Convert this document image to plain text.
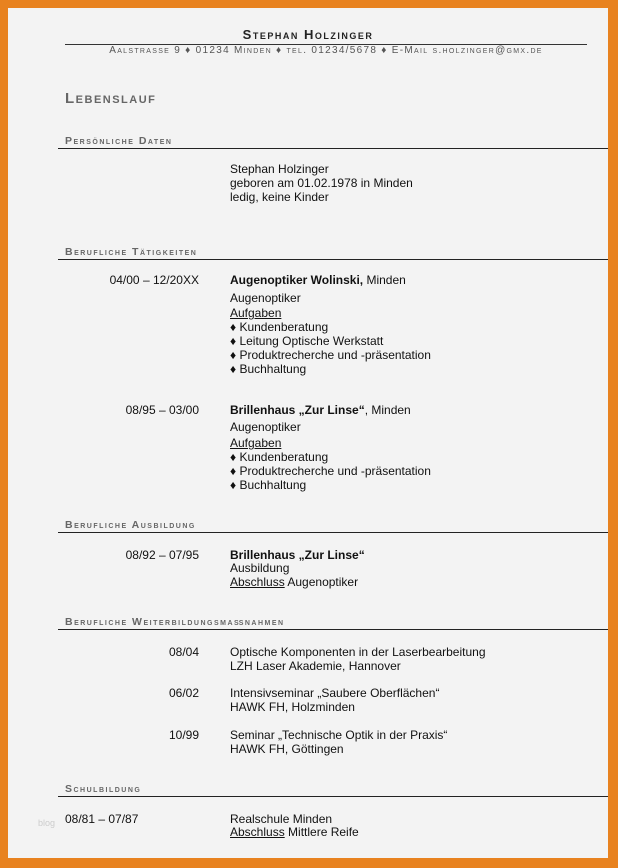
Stephan Holzinger
Aalstrasse 9 ♦ 01234 Minden ♦ tel. 01234/5678 ♦ E-Mail s.holzinger@gmx.de
Lebenslauf
Persönliche Daten
Stephan Holzinger
geboren am 01.02.1978 in Minden
ledig, keine Kinder
Berufliche Tätigkeiten
04/00 – 12/20XX	Augenoptiker Wolinski, Minden
Augenoptiker
Aufgaben
♦ Kundenberatung
♦ Leitung Optische Werkstatt
♦ Produktrecherche und -präsentation
♦ Buchhaltung
08/95 – 03/00	Brillenhaus „Zur Linse“, Minden
Augenoptiker
Aufgaben
♦ Kundenberatung
♦ Produktrecherche und -präsentation
♦ Buchhaltung
Berufliche Ausbildung
08/92 – 07/95	Brillenhaus „Zur Linse“
Ausbildung
Abschluss Augenoptiker
Berufliche Weiterbildungsmaßnahmen
08/04	Optische Komponenten in der Laserbearbeitung
LZH Laser Akademie, Hannover
06/02	Intensivseminar „Saubere Oberflächen“
HAWK FH, Holzminden
10/99	Seminar „Technische Optik in der Praxis“
HAWK FH, Göttingen
Schulbildung
08/81 – 07/87	Realschule Minden
Abschluss Mittlere Reife
blog
